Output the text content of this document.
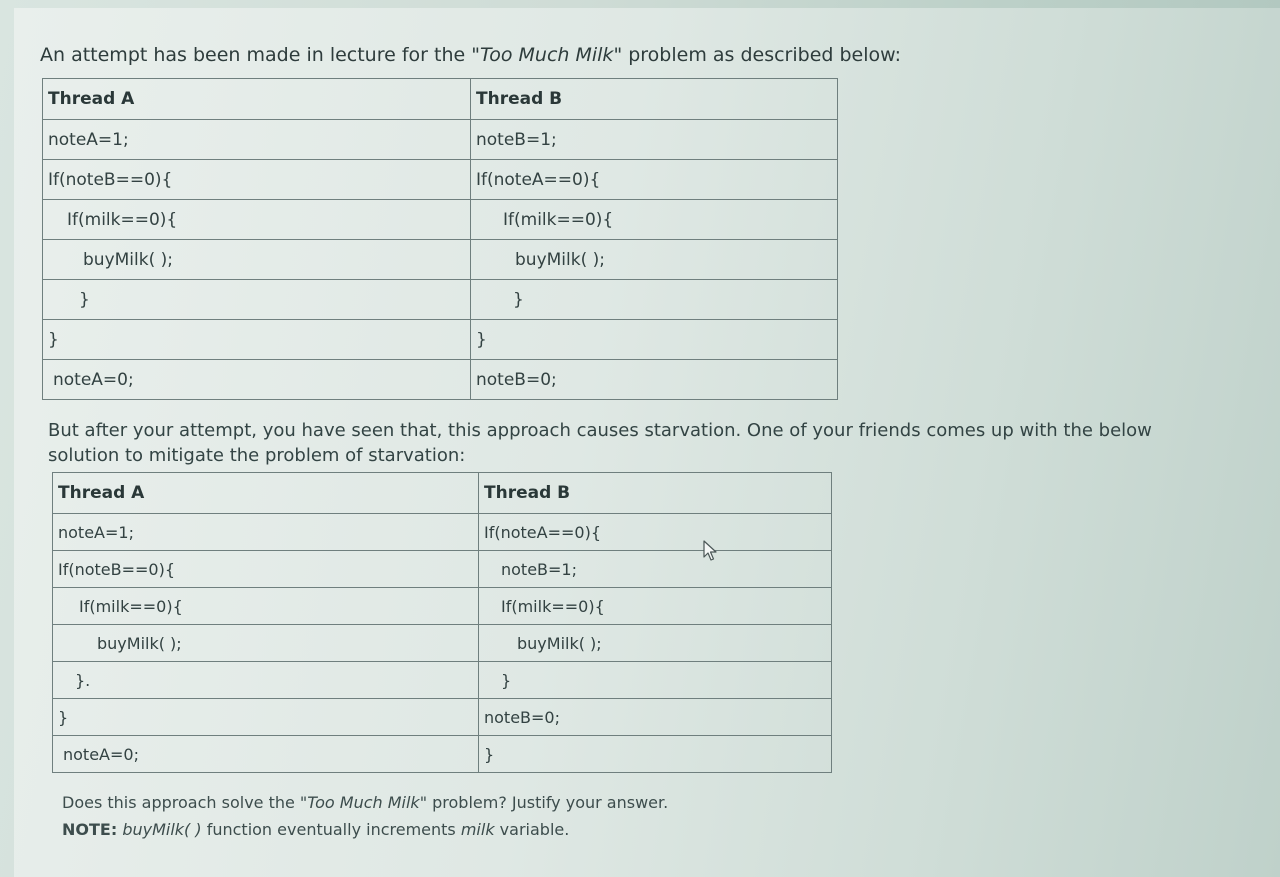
An attempt has been made in lecture for the "Too Much Milk" problem as described below:
Thread A	Thread B
noteA=1;	noteB=1;
If(noteB==0){	If(noteA==0){
If(milk==0){	If(milk==0){
buyMilk( );	buyMilk( );
}	}
}	}
noteA=0;	noteB=0;
But after your attempt, you have seen that, this approach causes starvation. One of your friends comes up with the below solution to mitigate the problem of starvation:
Thread A	Thread B
noteA=1;	If(noteA==0){
If(noteB==0){	noteB=1;
If(milk==0){	If(milk==0){
buyMilk( );	buyMilk( );
}.	}
}	noteB=0;
noteA=0;	}
Does this approach solve the "Too Much Milk" problem? Justify your answer.
NOTE: buyMilk( ) function eventually increments milk variable.
